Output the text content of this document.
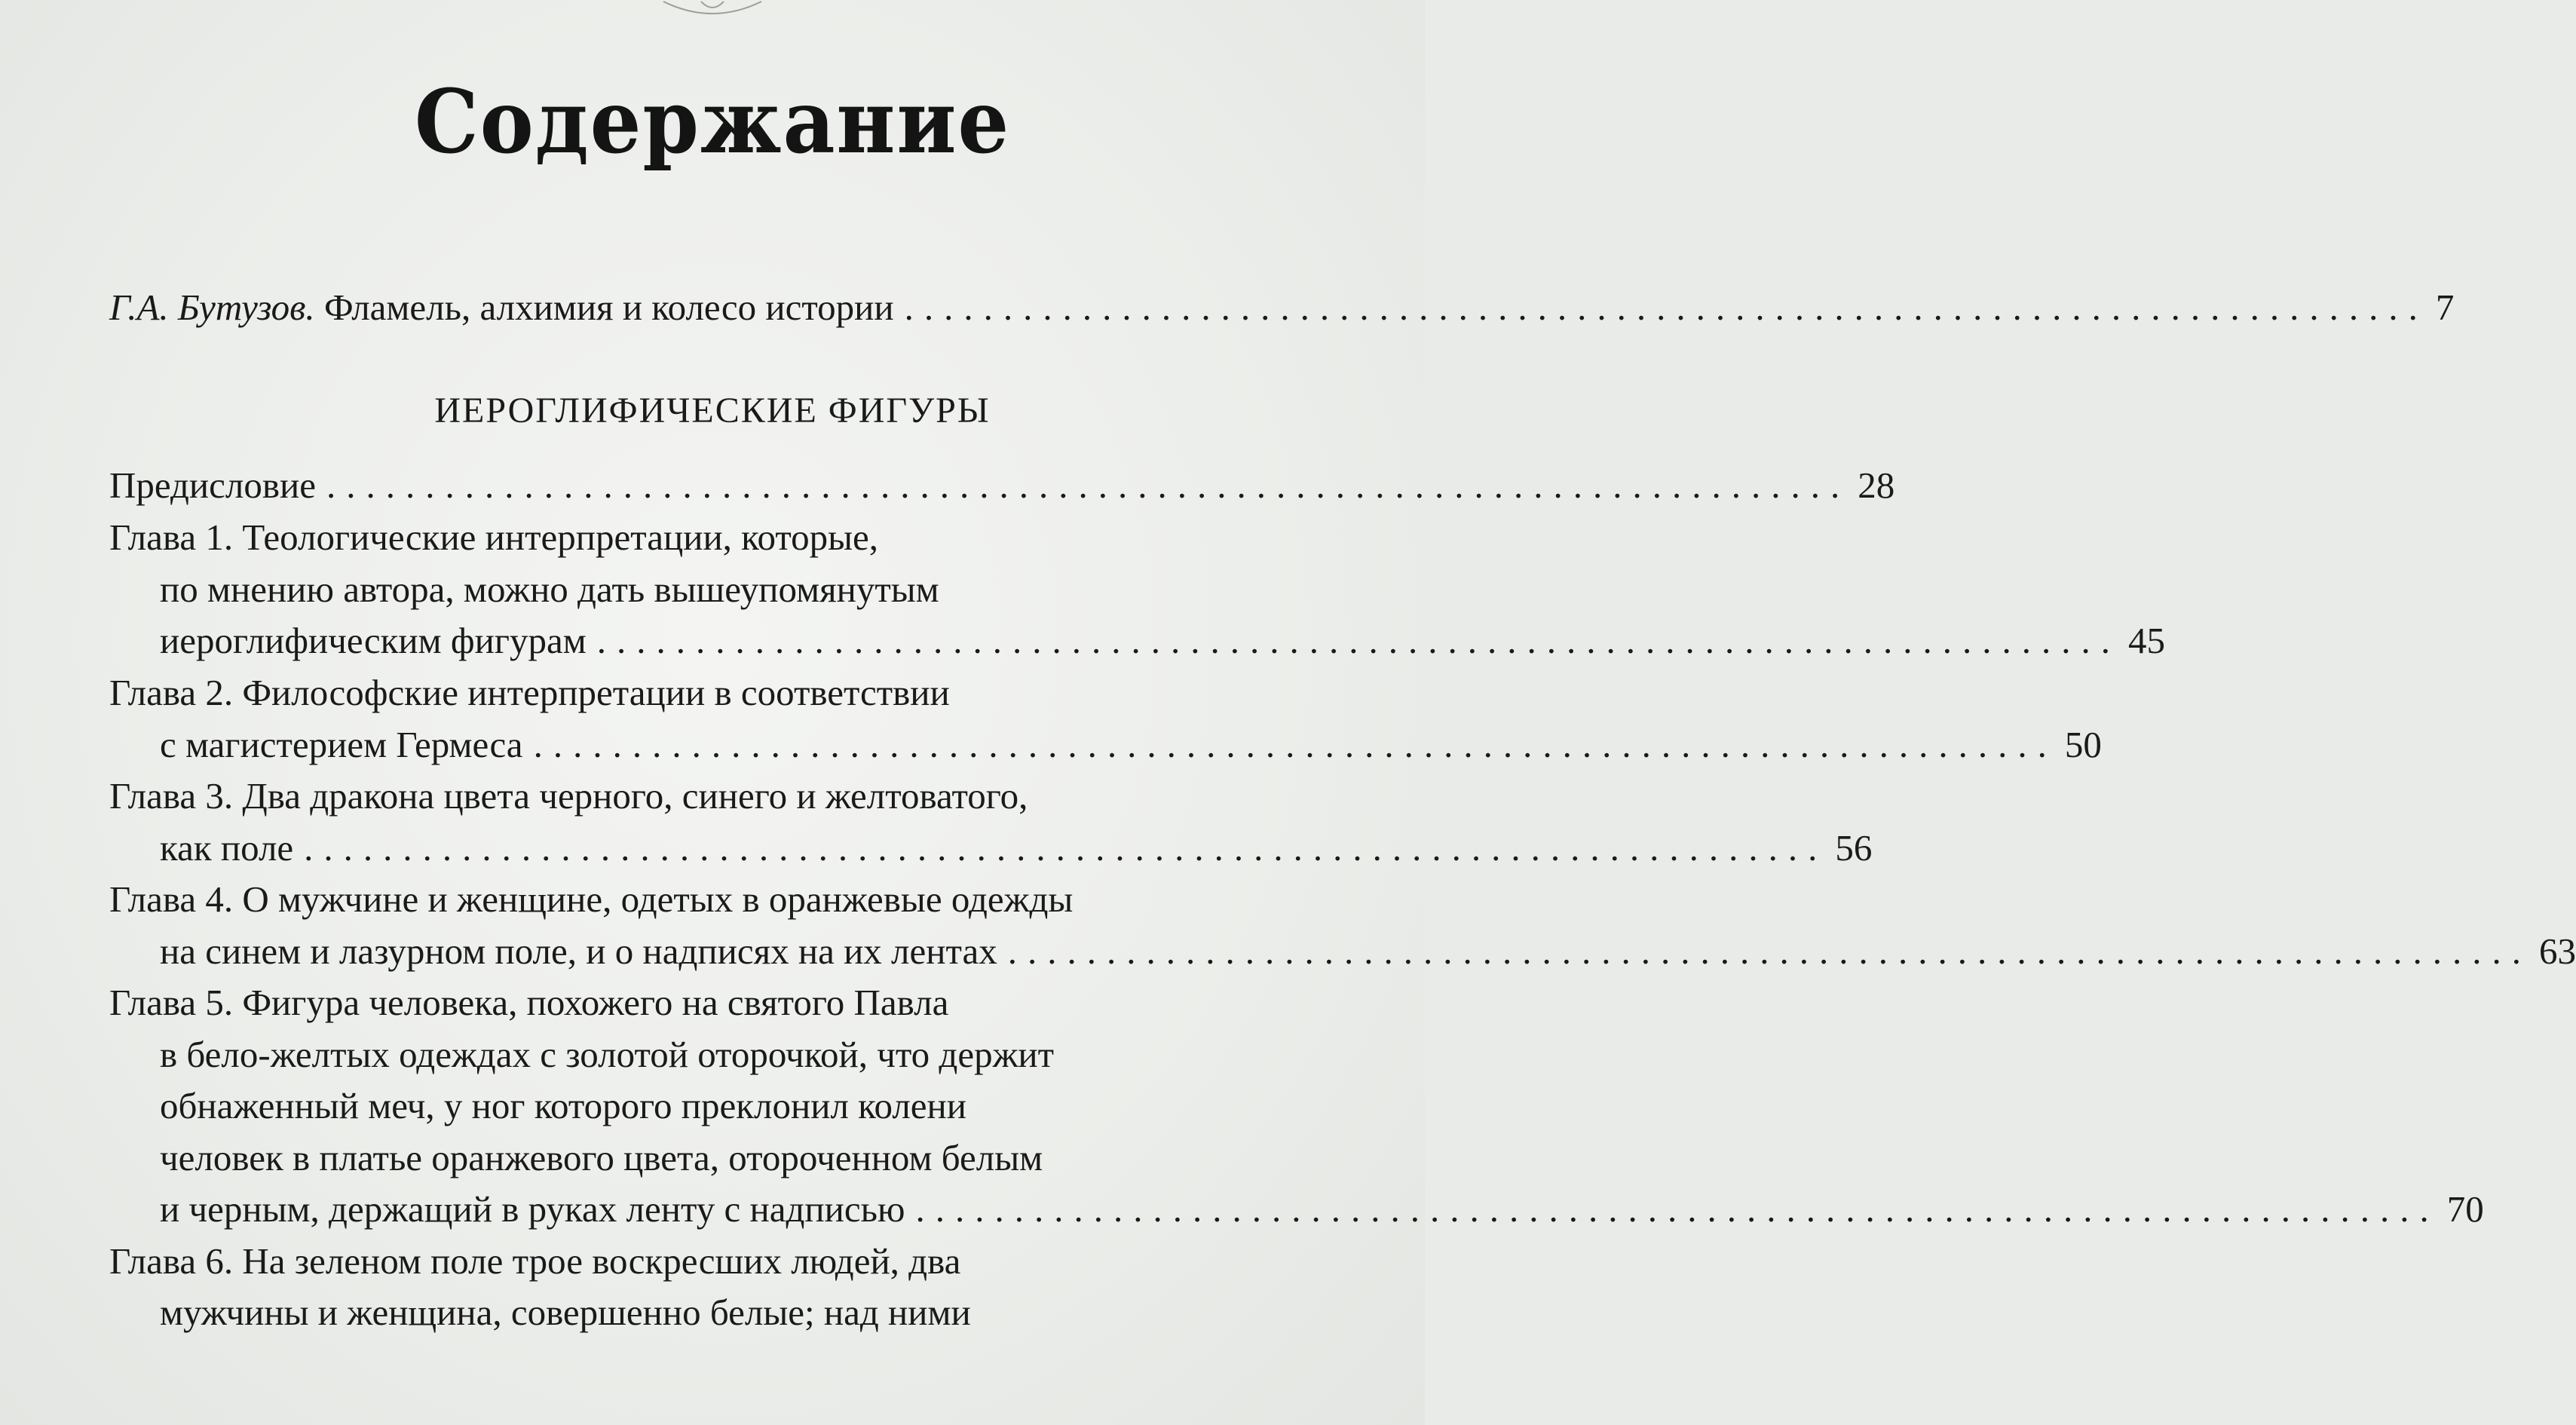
Содержание
Г.А. Бутузов. Фламель, алхимия и колесо истории ............................................................................. 7
ИЕРОГЛИФИЧЕСКИЕ ФИГУРЫ
Предисловие ............................................................................. 28
Глава 1. Теологические интерпретации, которые,
по мнению автора, можно дать вышеупомянутым
иероглифическим фигурам ............................................................................. 45
Глава 2. Философские интерпретации в соответствии
с магистерием Гермеса ............................................................................. 50
Глава 3. Два дракона цвета черного, синего и желтоватого,
как поле ............................................................................. 56
Глава 4. О мужчине и женщине, одетых в оранжевые одежды
на синем и лазурном поле, и о надписях на их лентах ............................................................................. 63
Глава 5. Фигура человека, похожего на святого Павла
в бело-желтых одеждах с золотой оторочкой, что держит
обнаженный меч, у ног которого преклонил колени
человек в платье оранжевого цвета, отороченном белым
и черным, держащий в руках ленту с надписью ............................................................................. 70
Глава 6. На зеленом поле трое воскресших людей, два
мужчины и женщина, совершенно белые; над ними
